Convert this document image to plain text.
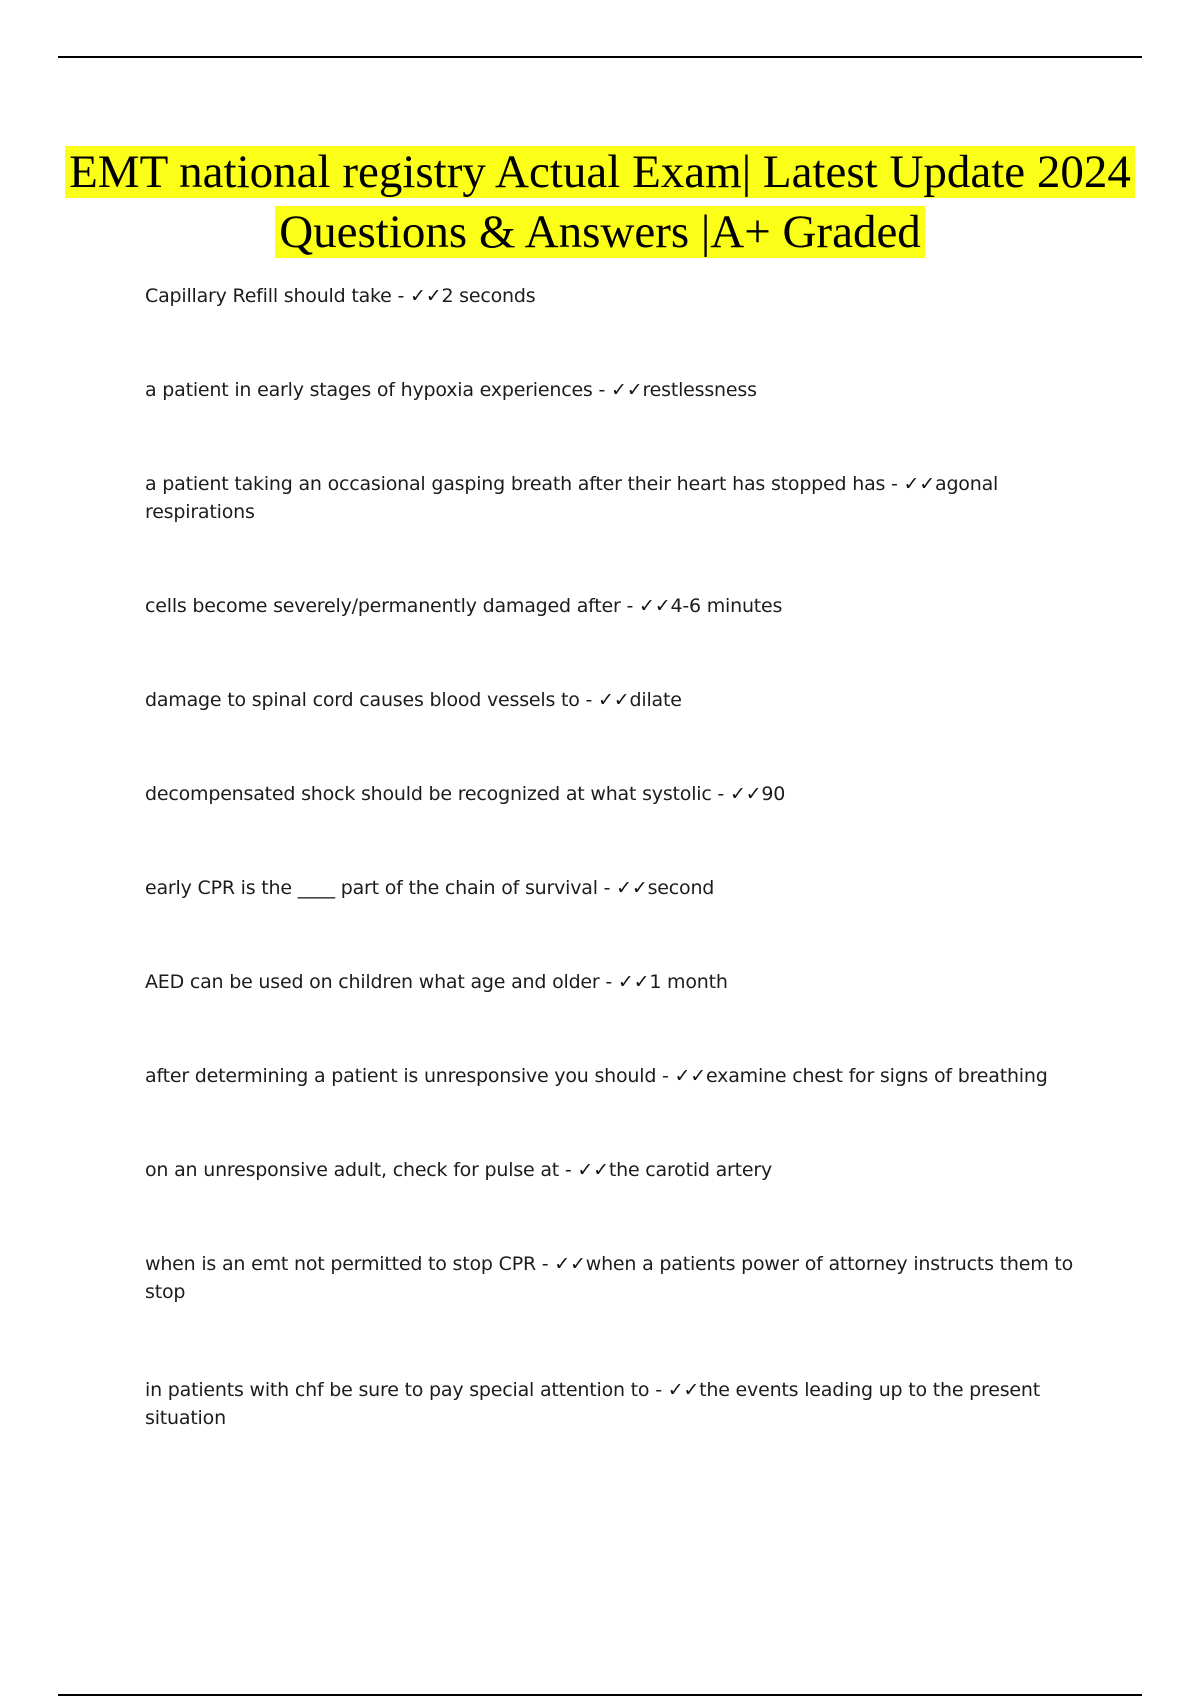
EMT national registry Actual Exam| Latest Update 2024 Questions & Answers |A+ Graded
Capillary Refill should take - ✓✓2 seconds
a patient in early stages of hypoxia experiences - ✓✓restlessness
a patient taking an occasional gasping breath after their heart has stopped has - ✓✓agonal respirations
cells become severely/permanently damaged after - ✓✓4-6 minutes
damage to spinal cord causes blood vessels to - ✓✓dilate
decompensated shock should be recognized at what systolic - ✓✓90
early CPR is the ____ part of the chain of survival - ✓✓second
AED can be used on children what age and older - ✓✓1 month
after determining a patient is unresponsive you should - ✓✓examine chest for signs of breathing
on an unresponsive adult, check for pulse at - ✓✓the carotid artery
when is an emt not permitted to stop CPR - ✓✓when a patients power of attorney instructs them to stop
in patients with chf be sure to pay special attention to - ✓✓the events leading up to the present situation
